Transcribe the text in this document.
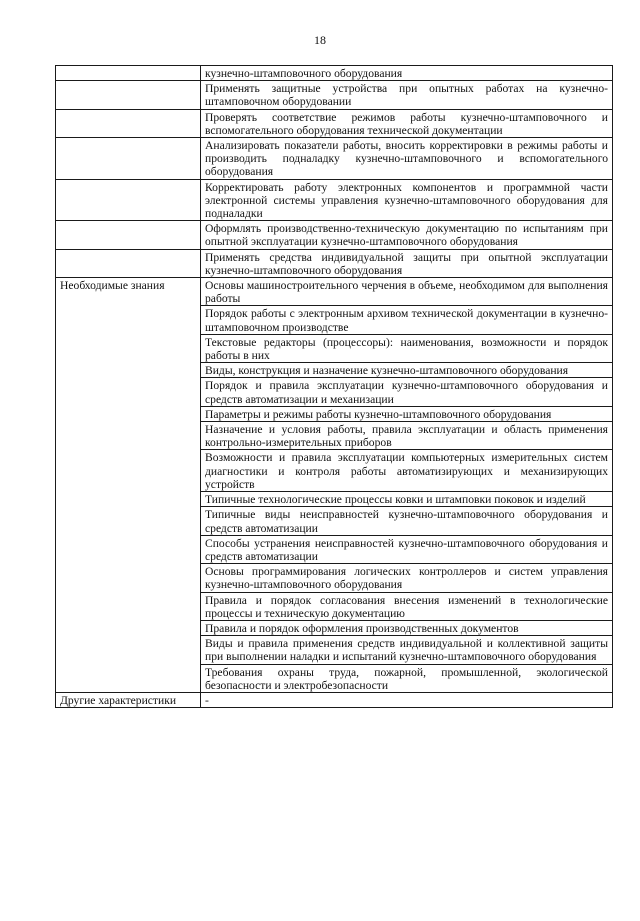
18
	кузнечно-штамповочного оборудования
	Применять защитные устройства при опытных работах на кузнечно-штамповочном оборудовании
	Проверять соответствие режимов работы кузнечно-штамповочного и вспомогательного оборудования технической документации
	Анализировать показатели работы, вносить корректировки в режимы работы и производить подналадку кузнечно-штамповочного и вспомогательного оборудования
	Корректировать работу электронных компонентов и программной части электронной системы управления кузнечно-штамповочного оборудования для подналадки
	Оформлять производственно-техническую документацию по испытаниям при опытной эксплуатации кузнечно-штамповочного оборудования
	Применять средства индивидуальной защиты при опытной эксплуатации кузнечно-штамповочного оборудования
Необходимые знания	Основы машиностроительного черчения в объеме, необходимом для выполнения работы
	Порядок работы с электронным архивом технической документации в кузнечно-штамповочном производстве
	Текстовые редакторы (процессоры): наименования, возможности и порядок работы в них
	Виды, конструкция и назначение кузнечно-штамповочного оборудования
	Порядок и правила эксплуатации кузнечно-штамповочного оборудования и средств автоматизации и механизации
	Параметры и режимы работы кузнечно-штамповочного оборудования
	Назначение и условия работы, правила эксплуатации и область применения контрольно-измерительных приборов
	Возможности и правила эксплуатации компьютерных измерительных систем диагностики и контроля работы автоматизирующих и механизирующих устройств
	Типичные технологические процессы ковки и штамповки поковок и изделий
	Типичные виды неисправностей кузнечно-штамповочного оборудования и средств автоматизации
	Способы устранения неисправностей кузнечно-штамповочного оборудования и средств автоматизации
	Основы программирования логических контроллеров и систем управления кузнечно-штамповочного оборудования
	Правила и порядок согласования внесения изменений в технологические процессы и техническую документацию
	Правила и порядок оформления производственных документов
	Виды и правила применения средств индивидуальной и коллективной защиты при выполнении наладки и испытаний кузнечно-штамповочного оборудования
	Требования охраны труда, пожарной, промышленной, экологической безопасности и электробезопасности
Другие характеристики	-
